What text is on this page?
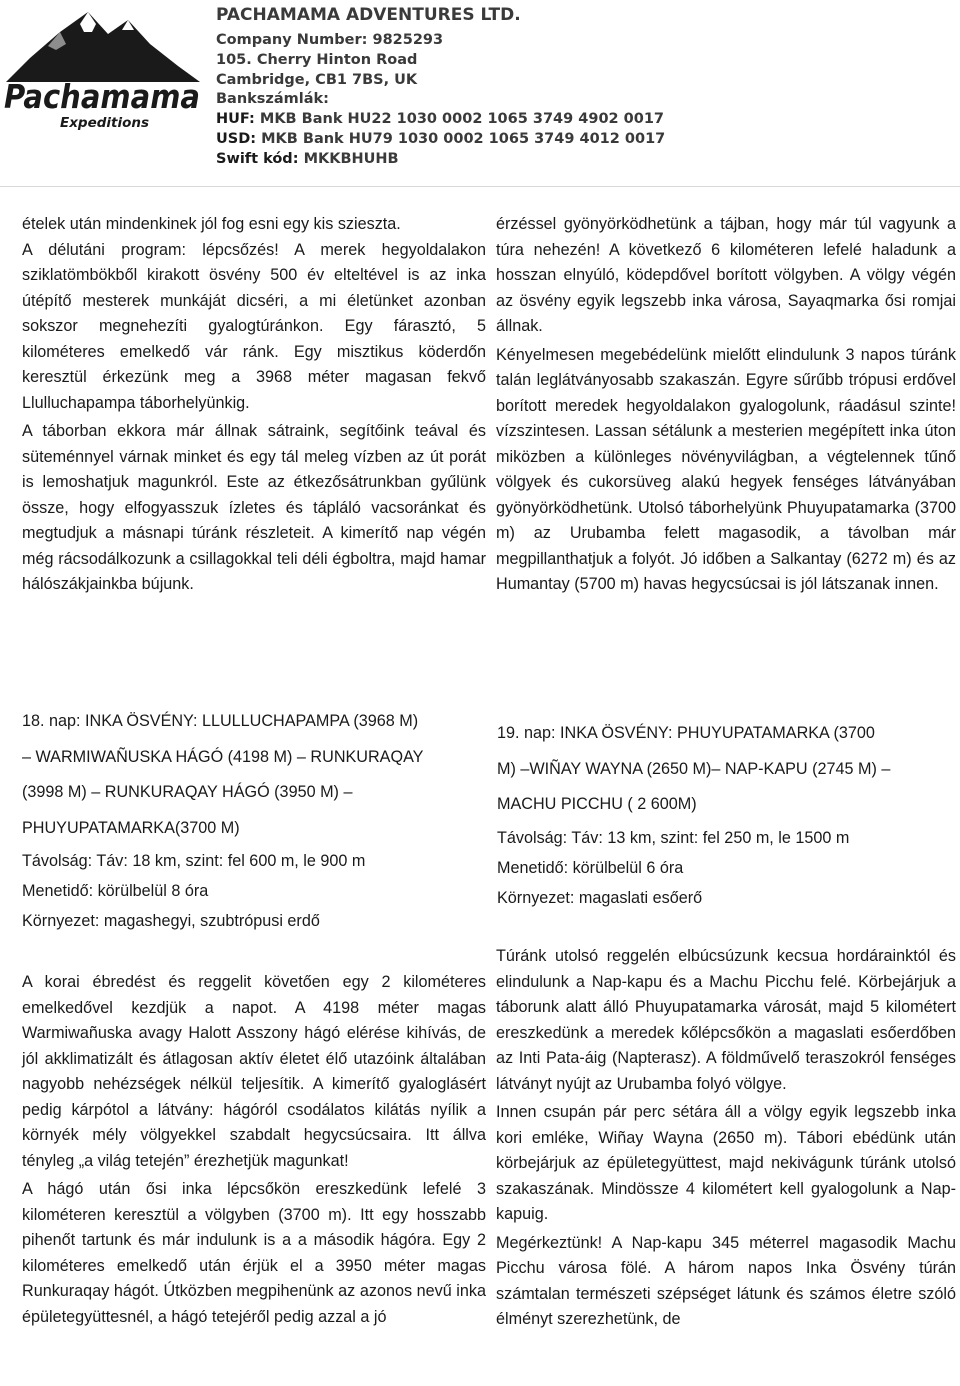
Pachamama
Expeditions
PACHAMAMA ADVENTURES LTD.
Company Number: 9825293
105. Cherry Hinton Road
Cambridge, CB1 7BS, UK
Bankszámlák:
HUF: MKB Bank HU22 1030 0002 1065 3749 4902 0017
USD: MKB Bank HU79 1030 0002 1065 3749 4012 0017
Swift kód: MKKBHUHB

ételek után mindenkinek jól fog esni egy kis sziesztа.

A délutáni program: lépcsőzés! A merek hegyoldalakon sziklatömbökből kirakott ösvény 500 év elteltével is az inka útépítő mesterek munkáját dicséri, a mi életünket azonban sokszor megnehezíti gyalogtúránkon. Egy fárasztó, 5 kilométeres emelkedő vár ránk. Egy misztikus köderdőn keresztül érkezünk meg a 3968 méter magasan fekvő Llulluchapampa táborhelyünkig.

A táborban ekkora már állnak sátraink, segítőink teával és süteménnyel várnak minket és egy tál meleg vízben az út porát is lemoshatjuk magunkról. Este az étkezősátrunkban gyűlünk össze, hogy elfogyasszuk ízletes és tápláló vacsoránkat és megtudjuk a másnapi túránk részleteit. A kimerítő nap végén még rácsodálkozunk a csillagokkal teli déli égboltra, majd hamar hálószákjainkba bújunk.

érzéssel gyönyörködhetünk a tájban, hogy már túl vagyunk a túra nehezén! A következő 6 kilométeren lefelé haladunk a hosszan elnyúló, ködерdővel borított völgyben. A völgy végén az ösvény egyik legszebb inka városa, Sayaqmarka ősi romjai állnak.

Kényelmesen megebédelünk mielőtt elindulunk 3 napos túránk talán leglátványosabb szakaszán. Egyre sűrűbb trópusi erdővel borított meredek hegyoldalakon gyalogolunk, ráadásul szinte! vízszintesen. Lassan sétálunk a mesterien megépített inka úton miközben a különleges növényvilágban, a végtelennek tűnő völgyek és cukorsüveg alakú hegyek fenséges látványában gyönyörködhetünk. Utolsó táborhelyünk Phuyupatamarka (3700 m) az Urubamba felett magasodik, a távolban már megpillanthatjuk a folyót. Jó időben a Salkantay (6272 m) és az Humantay (5700 m) havas hegycsúcsai is jól látszanak innen.

18. nap: INKA ÖSVÉNY: LLULLUCHAPAMPA (3968 M)
– WARMIWAÑUSKA HÁGÓ (4198 M) – RUNKURAQAY
(3998 M) – RUNKURAQAY HÁGÓ (3950 M) –
PHUYUPATAMARKA(3700 M)
Távolság: Táv: 18 km, szint: fel 600 m, le 900 m
Menetidő: körülbelül 8 óra
Környezet: magashegyi, szubtrópusi erdő

A korai ébredést és reggelit követően egy 2 kilométeres emelkedővel kezdjük a napot. A 4198 méter magas Warmiwañuska avagy Halott Asszony hágó elérése kihívás, de jól akklimatizált és átlagosan aktív életet élő utazóink általában nagyobb nehézségek nélkül teljesítik. A kimerítő gyaloglásért pedig kárpótol a látvány: hágóról csodálatos kilátás nyílik a környék mély völgyekkel szabdalt hegycsúcsaira. Itt állva tényleg „a világ tetején” érezhetjük magunkat!

A hágó után ősi inka lépcsőkön ereszkedünk lefelé 3 kilométeren keresztül a völgyben (3700 m). Itt egy hosszabb pihenőt tartunk és már indulunk is a a második hágóra. Egy 2 kilométeres emelkedő után érjük el a 3950 méter magas Runkuraqay hágót. Útközben megpihenünk az azonos nevű inka épületegyüttesnél, a hágó tetejéről pedig azzal a jó

19. nap: INKA ÖSVÉNY: PHUYUPATAMARKA (3700
M) –WIÑAY WAYNA (2650 M)– NAP-KAPU (2745 M) –
MACHU PICCHU ( 2 600M)
Távolság: Táv: 13 km, szint: fel 250 m, le 1500 m
Menetidő: körülbelül 6 óra
Környezet: magaslati esőerő

Túránk utolsó reggelén elbúcsúzunk kecsua hordárainktól és elindulunk a Nap-kapu és a Machu Picchu felé. Körbejárjuk a táborunk alatt álló Phuyupatamarka városát, majd 5 kilométert ereszkedünk a meredek kőlépcsőkön a magaslati esőerdőben az Inti Pata-áig (Napterasz). A földművelő teraszokról fenséges látványt nyújt az Urubamba folyó völgye.

Innen csupán pár perc sétára áll a völgy egyik legszebb inka kori emléke, Wiñay Wayna (2650 m). Tábori ebédünk után körbejárjuk az épületegyüttest, majd nekivágunk túránk utolsó szakaszának. Mindössze 4 kilométert kell gyalogolunk a Nap-kapuig.

Megérkeztünk! A Nap-kapu 345 méterrel magasodik Machu Picchu városa fölé. A három napos Inka Ösvény túrán számtalan természeti szépséget látunk és számos életre szóló élményt szerezhetünk, de
